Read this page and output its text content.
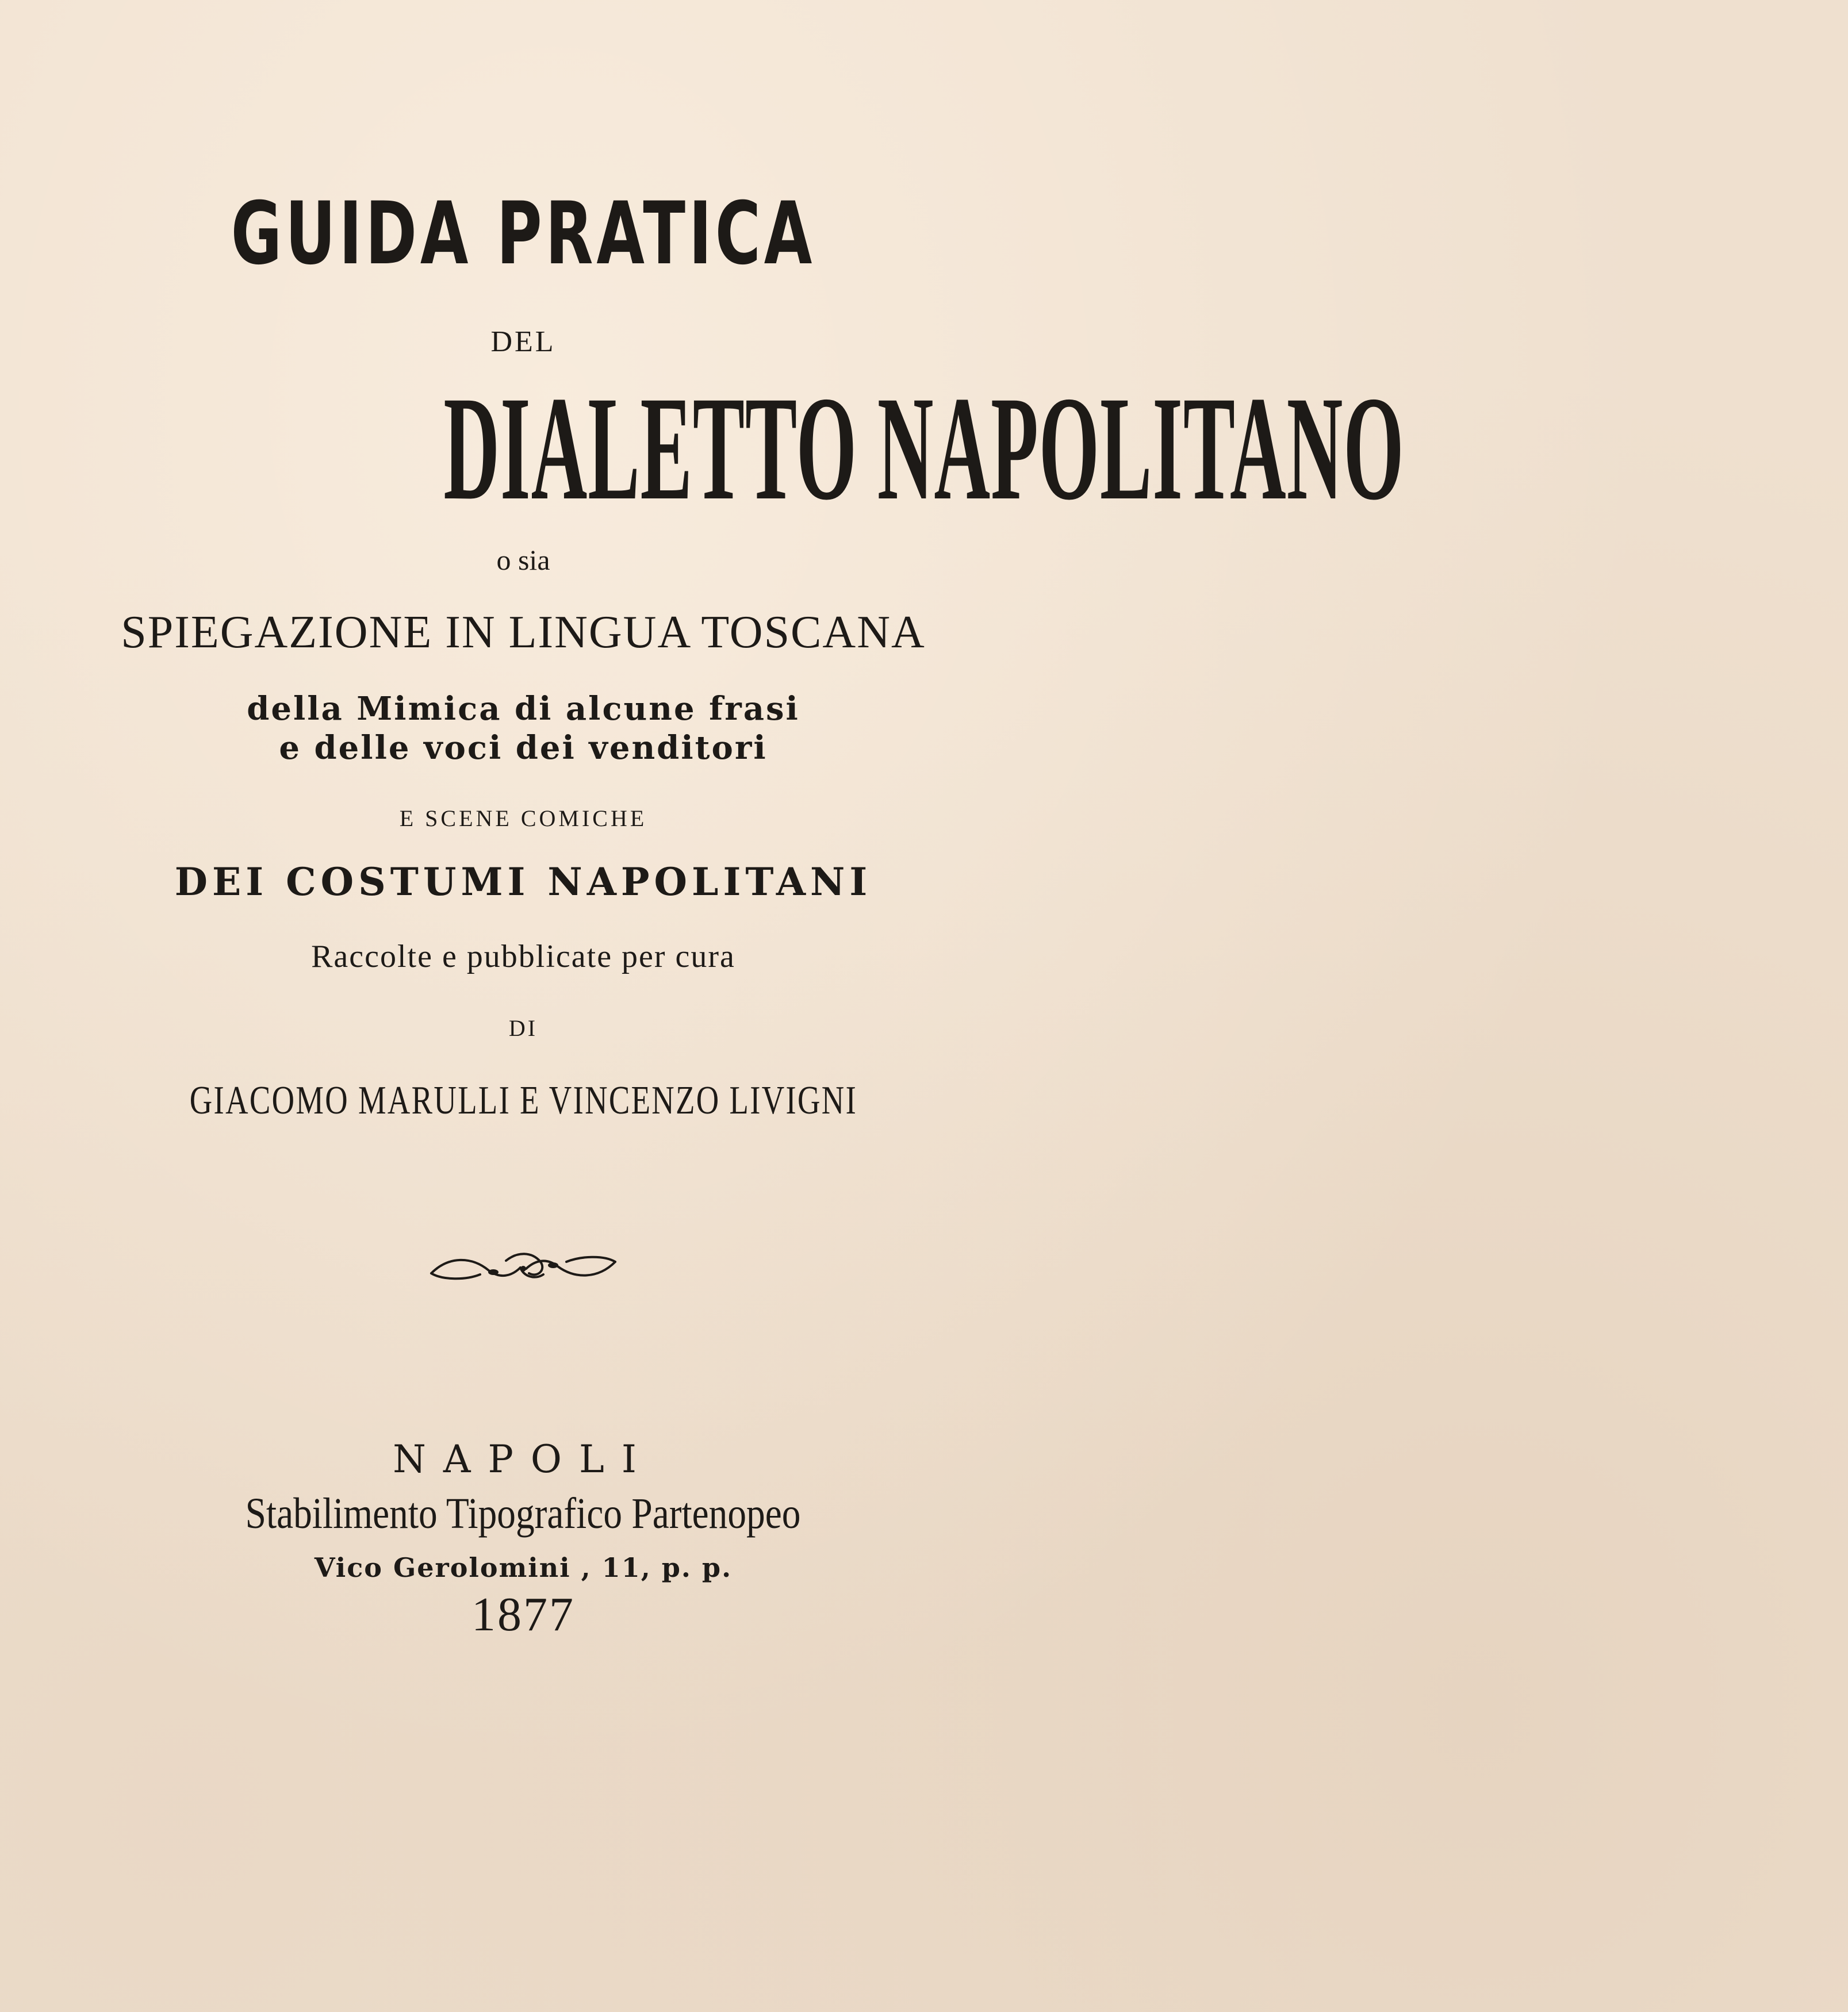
GUIDA PRATICA
DEL
DIALETTO NAPOLITANO
o sia
SPIEGAZIONE IN LINGUA TOSCANA
della Mimica di alcune frasi
e delle voci dei venditori
E SCENE COMICHE
DEI COSTUMI NAPOLITANI
Raccolte e pubblicate per cura
DI
GIACOMO MARULLI E VINCENZO LIVIGNI
NAPOLI
Stabilimento Tipografico Partenopeo
Vico Gerolomini , 11, p. p.
1877
